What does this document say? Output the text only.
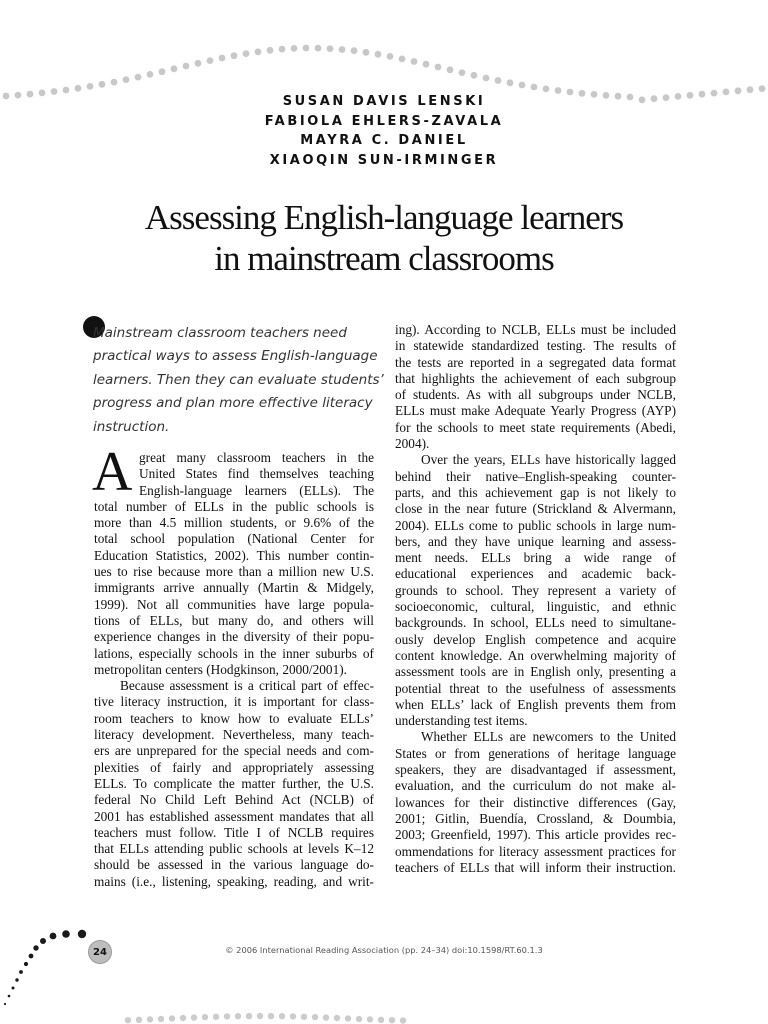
SUSAN DAVIS LENSKI
FABIOLA EHLERS-ZAVALA
MAYRA C. DANIEL
XIAOQIN SUN-IRMINGER
Assessing English-language learners
in mainstream classrooms
Mainstream classroom teachers need
practical ways to assess English-language
learners. Then they can evaluate students’
progress and plan more effective literacy
instruction.
A great many classroom teachers in the
United States find themselves teaching
English-language learners (ELLs). The
total number of ELLs in the public schools is
more than 4.5 million students, or 9.6% of the
total school population (National Center for
Education Statistics, 2002). This number contin-
ues to rise because more than a million new U.S.
immigrants arrive annually (Martin & Midgely,
1999). Not all communities have large popula-
tions of ELLs, but many do, and others will
experience changes in the diversity of their popu-
lations, especially schools in the inner suburbs of
metropolitan centers (Hodgkinson, 2000/2001).
Because assessment is a critical part of effec-
tive literacy instruction, it is important for class-
room teachers to know how to evaluate ELLs’
literacy development. Nevertheless, many teach-
ers are unprepared for the special needs and com-
plexities of fairly and appropriately assessing
ELLs. To complicate the matter further, the U.S.
federal No Child Left Behind Act (NCLB) of
2001 has established assessment mandates that all
teachers must follow. Title I of NCLB requires
that ELLs attending public schools at levels K–12
should be assessed in the various language do-
mains (i.e., listening, speaking, reading, and writ-
ing). According to NCLB, ELLs must be included
in statewide standardized testing. The results of
the tests are reported in a segregated data format
that highlights the achievement of each subgroup
of students. As with all subgroups under NCLB,
ELLs must make Adequate Yearly Progress (AYP)
for the schools to meet state requirements (Abedi,
2004).
Over the years, ELLs have historically lagged
behind their native–English-speaking counter-
parts, and this achievement gap is not likely to
close in the near future (Strickland & Alvermann,
2004). ELLs come to public schools in large num-
bers, and they have unique learning and assess-
ment needs. ELLs bring a wide range of
educational experiences and academic back-
grounds to school. They represent a variety of
socioeconomic, cultural, linguistic, and ethnic
backgrounds. In school, ELLs need to simultane-
ously develop English competence and acquire
content knowledge. An overwhelming majority of
assessment tools are in English only, presenting a
potential threat to the usefulness of assessments
when ELLs’ lack of English prevents them from
understanding test items.
Whether ELLs are newcomers to the United
States or from generations of heritage language
speakers, they are disadvantaged if assessment,
evaluation, and the curriculum do not make al-
lowances for their distinctive differences (Gay,
2001; Gitlin, Buendía, Crossland, & Doumbia,
2003; Greenfield, 1997). This article provides rec-
ommendations for literacy assessment practices for
teachers of ELLs that will inform their instruction.
24	© 2006 International Reading Association (pp. 24–34) doi:10.1598/RT.60.1.3
